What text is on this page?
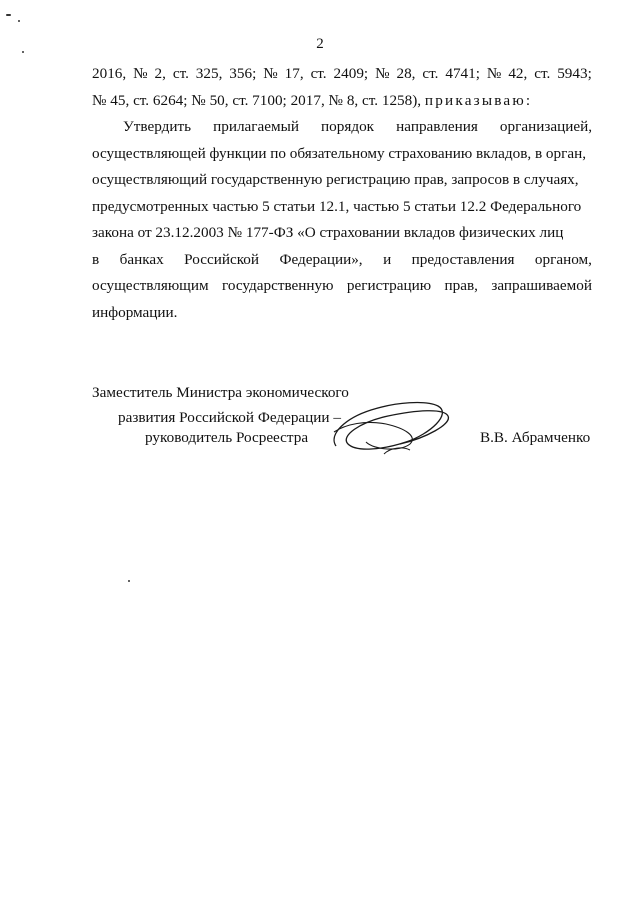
2
2016, № 2, ст. 325, 356; № 17, ст. 2409; № 28, ст. 4741; № 42, ст. 5943;
№ 45, ст. 6264; № 50, ст. 7100; 2017, № 8, ст. 1258), приказываю:
Утвердить прилагаемый порядок направления организацией,
осуществляющей функции по обязательному страхованию вкладов, в орган,
осуществляющий государственную регистрацию прав, запросов в случаях,
предусмотренных частью 5 статьи 12.1, частью 5 статьи 12.2 Федерального
закона от 23.12.2003 № 177-ФЗ «О страховании вкладов физических лиц
в банках Российской Федерации», и предоставления органом,
осуществляющим государственную регистрацию прав, запрашиваемой
информации.
Заместитель Министра экономического
развития Российской Федерации –
руководитель Росреестра	В.В. Абрамченко
